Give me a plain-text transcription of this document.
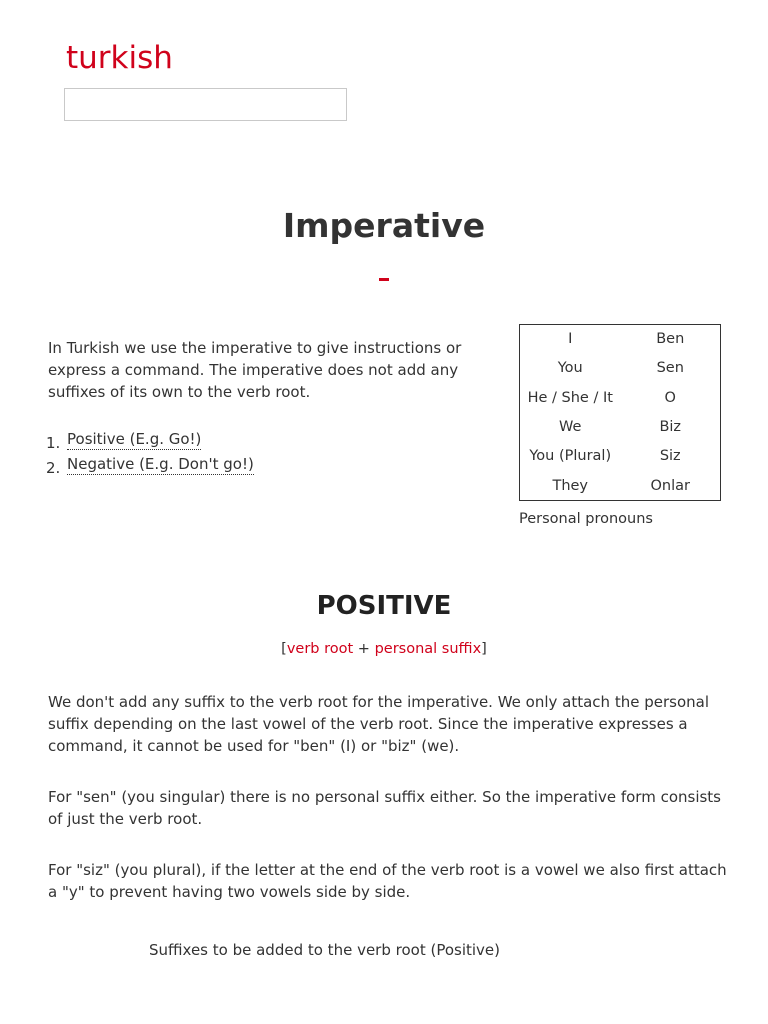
turkish
Imperative

In Turkish we use the imperative to give instructions or express a command. The imperative does not add any suffixes of its own to the verb root.

1. Positive (E.g. Go!)
2. Negative (E.g. Don't go!)
I	Ben
You	Sen
He / She / It	O
We	Biz
You (Plural)	Siz
They	Onlar
Personal pronouns
POSITIVE
[verb root + personal suffix]

We don't add any suffix to the verb root for the imperative. We only attach the personal suffix depending on the last vowel of the verb root. Since the imperative expresses a command, it cannot be used for "ben" (I) or "biz" (we).

For "sen" (you singular) there is no personal suffix either. So the imperative form consists of just the verb root.

For "siz" (you plural), if the letter at the end of the verb root is a vowel we also first attach a "y" to prevent having two vowels side by side.

Suffixes to be added to the verb root (Positive)
